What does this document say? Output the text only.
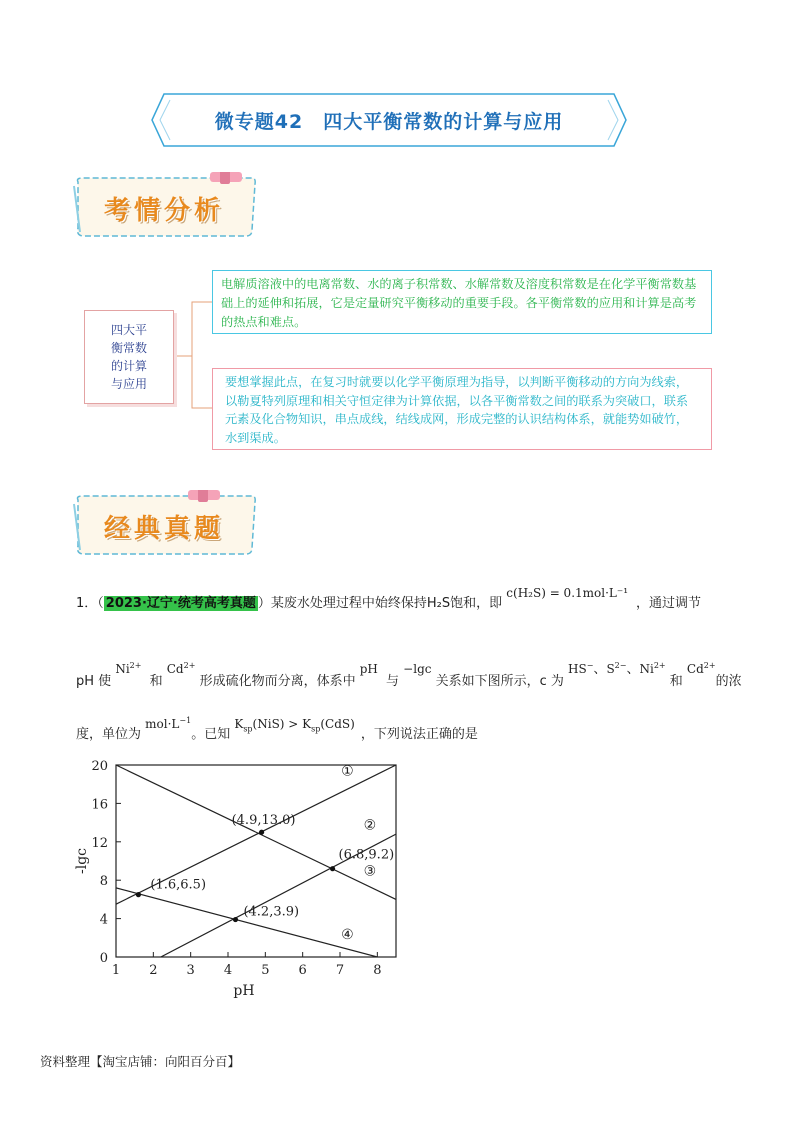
微专题42　四大平衡常数的计算与应用
考情分析
四大平
衡常数
的计算
与应用
电解质溶液中的电离常数、水的离子积常数、水解常数及溶度积常数是在化学平衡常数基础上的延伸和拓展，它是定量研究平衡移动的重要手段。各平衡常数的应用和计算是高考的热点和难点。
要想掌握此点，在复习时就要以化学平衡原理为指导，以判断平衡移动的方向为线索，以勒夏特列原理和相关守恒定律为计算依据，以各平衡常数之间的联系为突破口，联系元素及化合物知识，串点成线，结线成网，形成完整的认识结构体系，就能势如破竹，水到渠成。
经典真题
1．（ 2023·辽宁·统考高考真题 ）某废水处理过程中始终保持H₂S饱和，即 c(H₂S) = 0.1mol·L⁻¹，通过调节
pH 使 $Ni^{2+}$ 和 $Cd^{2+}$ 形成硫化物而分离，体系中 pH 与 −lgc 关系如下图所示，c 为 HS−、$S^{2-}$、$Ni^{2+}$ 和 $Cd^{2+}$的浓
度，单位为 $mol\cdot L^{-1}$。已知 $K_{sp}(NiS) > K_{sp}(CdS)$，下列说法正确的是
1 2 3 4 5 6 7 8
0
4
8
12
16
20
pH
-lgc
(4.9,13.0)
(6.8,9.2)
(1.6,6.5)
(4.2,3.9)
①
②
③
④
资料整理【淘宝店铺：向阳百分百】
